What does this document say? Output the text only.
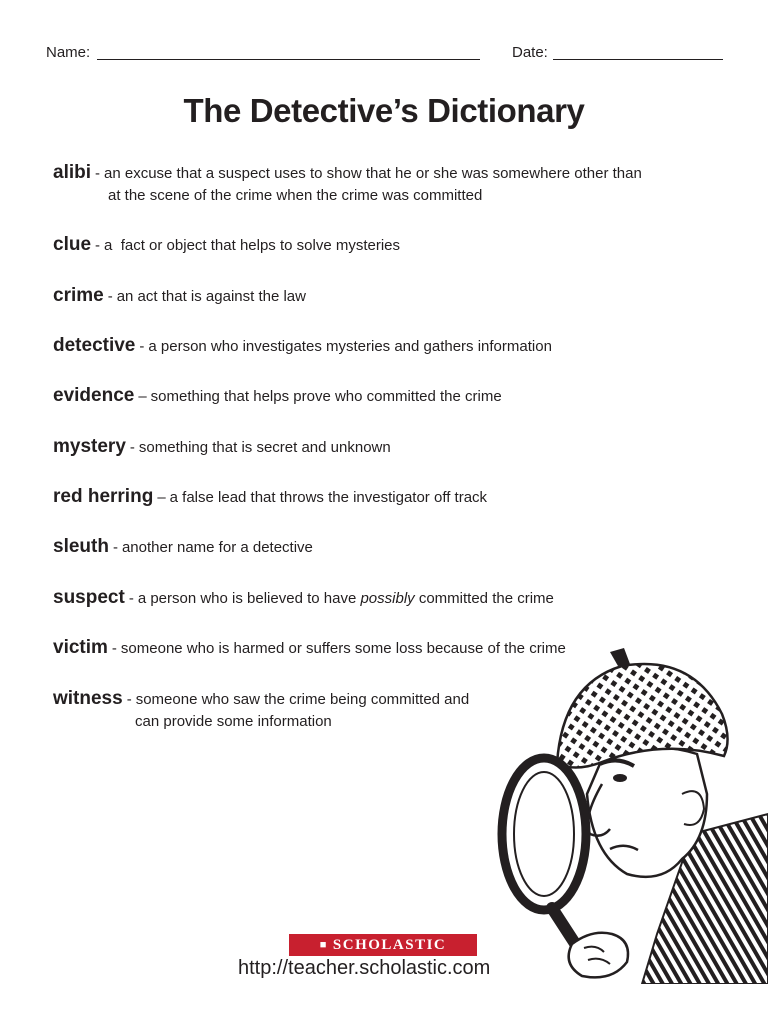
Name:	Date:
The Detective’s Dictionary
alibi - an excuse that a suspect uses to show that he or she was somewhere other than
at the scene of the crime when the crime was committed
clue - a  fact or object that helps to solve mysteries
crime - an act that is against the law
detective - a person who investigates mysteries and gathers information
evidence – something that helps prove who committed the crime
mystery - something that is secret and unknown
red herring – a false lead that throws the investigator off track
sleuth - another name for a detective
suspect - a person who is believed to have possibly committed the crime
victim - someone who is harmed or suffers some loss because of the crime
witness - someone who saw the crime being committed and
can provide some information
■ SCHOLASTIC
http://teacher.scholastic.com
